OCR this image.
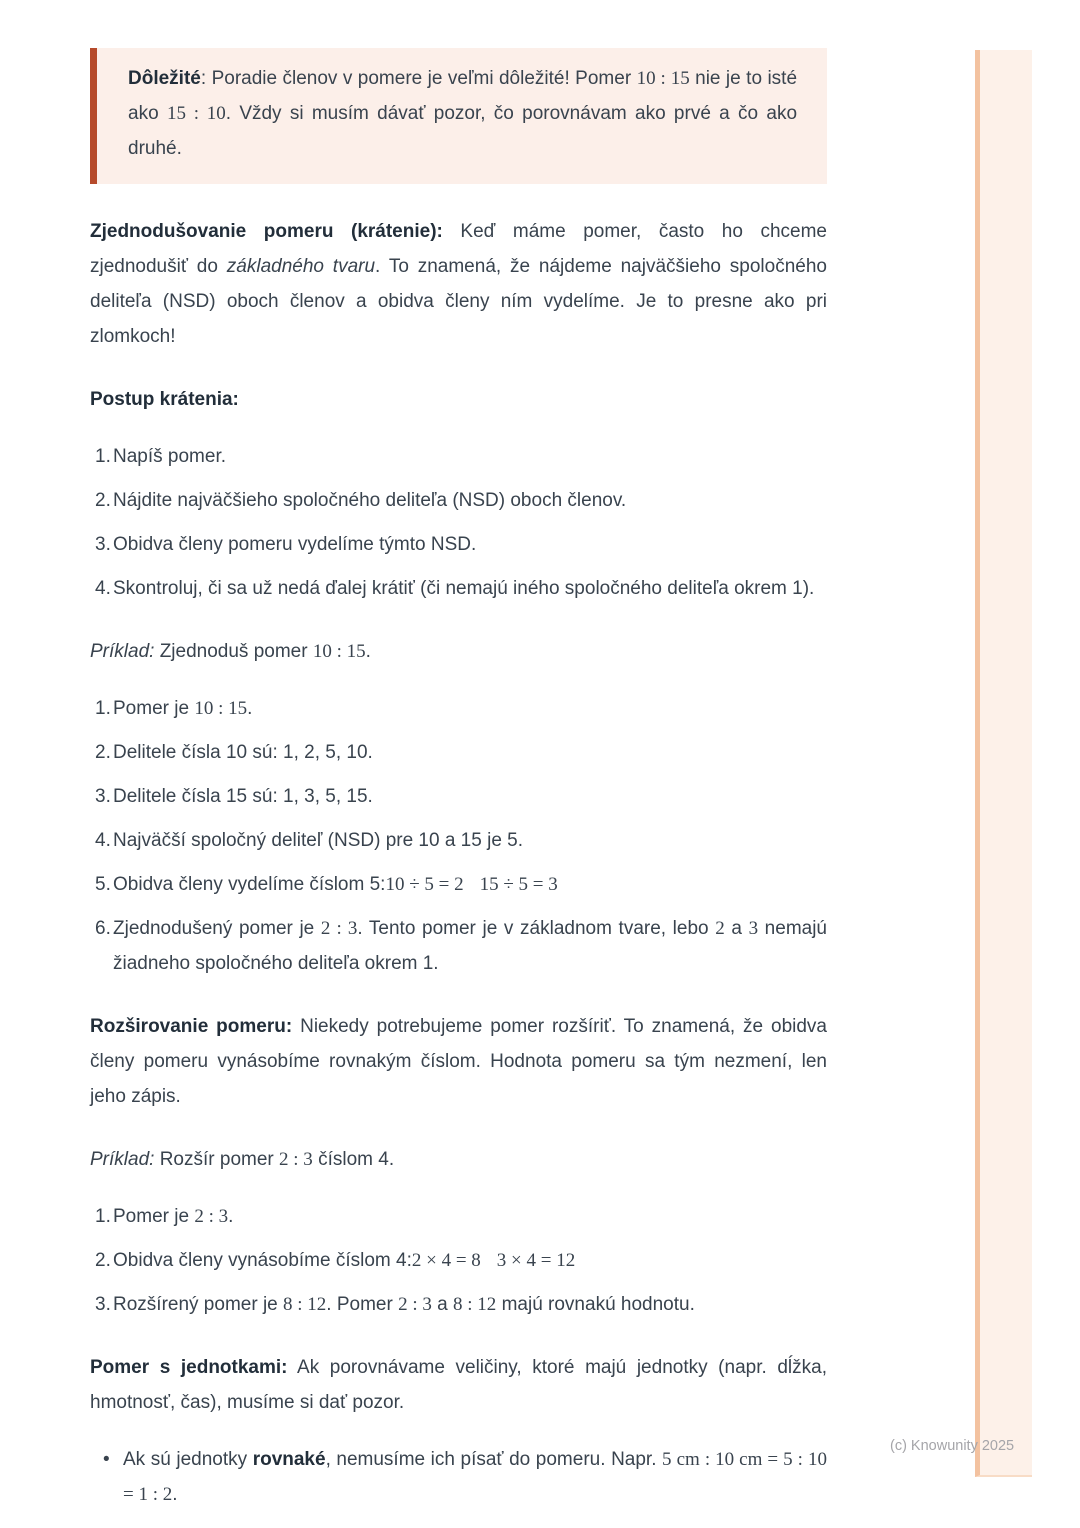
Dôležité: Poradie členov v pomere je veľmi dôležité! Pomer 10 : 15 nie je to isté ako 15 : 10. Vždy si musím dávať pozor, čo porovnávam ako prvé a čo ako druhé.

Zjednodušovanie pomeru (krátenie): Keď máme pomer, často ho chceme zjednodušiť do základného tvaru. To znamená, že nájdeme najväčšieho spoločného deliteľa (NSD) oboch členov a obidva členy ním vydelíme. Je to presne ako pri zlomkoch!

Postup krátenia:

1. Napíš pomer.
2. Nájdite najväčšieho spoločného deliteľa (NSD) oboch členov.
3. Obidva členy pomeru vydelíme týmto NSD.
4. Skontroluj, či sa už nedá ďalej krátiť (či nemajú iného spoločného deliteľa okrem 1).

Príklad: Zjednoduš pomer 10 : 15.

1. Pomer je 10 : 15.
2. Delitele čísla 10 sú: 1, 2, 5, 10.
3. Delitele čísla 15 sú: 1, 3, 5, 15.
4. Najväčší spoločný deliteľ (NSD) pre 10 a 15 je 5.
5. Obidva členy vydelíme číslom 5:10 ÷ 5 = 2 15 ÷ 5 = 3
6. Zjednodušený pomer je 2 : 3. Tento pomer je v základnom tvare, lebo 2 a 3 nemajú žiadneho spoločného deliteľa okrem 1.

Rozširovanie pomeru: Niekedy potrebujeme pomer rozšíriť. To znamená, že obidva členy pomeru vynásobíme rovnakým číslom. Hodnota pomeru sa tým nezmení, len jeho zápis.

Príklad: Rozšír pomer 2 : 3 číslom 4.

1. Pomer je 2 : 3.
2. Obidva členy vynásobíme číslom 4:2 × 4 = 8 3 × 4 = 12
3. Rozšírený pomer je 8 : 12. Pomer 2 : 3 a 8 : 12 majú rovnakú hodnotu.

Pomer s jednotkami: Ak porovnávame veličiny, ktoré majú jednotky (napr. dĺžka, hmotnosť, čas), musíme si dať pozor.

• Ak sú jednotky rovnaké, nemusíme ich písať do pomeru. Napr. 5 cm : 10 cm = 5 : 10 = 1 : 2.
(c) Knowunity 2025
